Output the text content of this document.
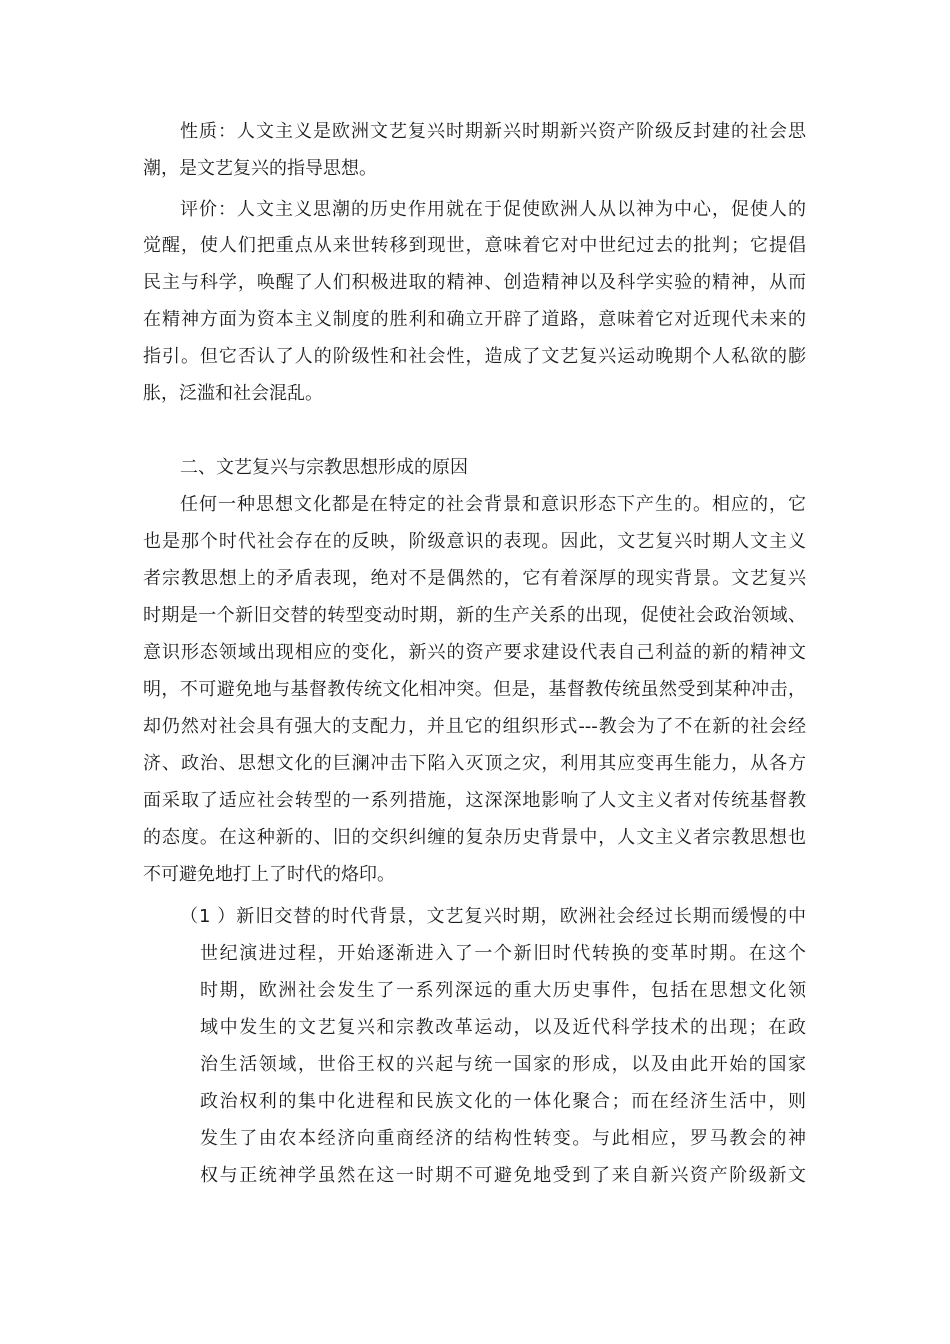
性质：人文主义是欧洲文艺复兴时期新兴时期新兴资产阶级反封建的社会思
潮，是文艺复兴的指导思想。
评价：人文主义思潮的历史作用就在于促使欧洲人从以神为中心，促使人的
觉醒，使人们把重点从来世转移到现世，意味着它对中世纪过去的批判；它提倡
民主与科学，唤醒了人们积极进取的精神、创造精神以及科学实验的精神，从而
在精神方面为资本主义制度的胜利和确立开辟了道路，意味着它对近现代未来的
指引。但它否认了人的阶级性和社会性，造成了文艺复兴运动晚期个人私欲的膨
胀，泛滥和社会混乱。
二、文艺复兴与宗教思想形成的原因
任何一种思想文化都是在特定的社会背景和意识形态下产生的。相应的，它
也是那个时代社会存在的反映，阶级意识的表现。因此，文艺复兴时期人文主义
者宗教思想上的矛盾表现，绝对不是偶然的，它有着深厚的现实背景。文艺复兴
时期是一个新旧交替的转型变动时期，新的生产关系的出现，促使社会政治领域、
意识形态领域出现相应的变化，新兴的资产要求建设代表自己利益的新的精神文
明，不可避免地与基督教传统文化相冲突。但是，基督教传统虽然受到某种冲击，
却仍然对社会具有强大的支配力，并且它的组织形式---教会为了不在新的社会经
济、政治、思想文化的巨澜冲击下陷入灭顶之灾，利用其应变再生能力，从各方
面采取了适应社会转型的一系列措施，这深深地影响了人文主义者对传统基督教
的态度。在这种新的、旧的交织纠缠的复杂历史背景中，人文主义者宗教思想也
不可避免地打上了时代的烙印。
（1 ）新旧交替的时代背景，文艺复兴时期，欧洲社会经过长期而缓慢的中
世纪演进过程，开始逐渐进入了一个新旧时代转换的变革时期。在这个
时期，欧洲社会发生了一系列深远的重大历史事件，包括在思想文化领
域中发生的文艺复兴和宗教改革运动，以及近代科学技术的出现；在政
治生活领域，世俗王权的兴起与统一国家的形成，以及由此开始的国家
政治权利的集中化进程和民族文化的一体化聚合；而在经济生活中，则
发生了由农本经济向重商经济的结构性转变。与此相应，罗马教会的神
权与正统神学虽然在这一时期不可避免地受到了来自新兴资产阶级新文
